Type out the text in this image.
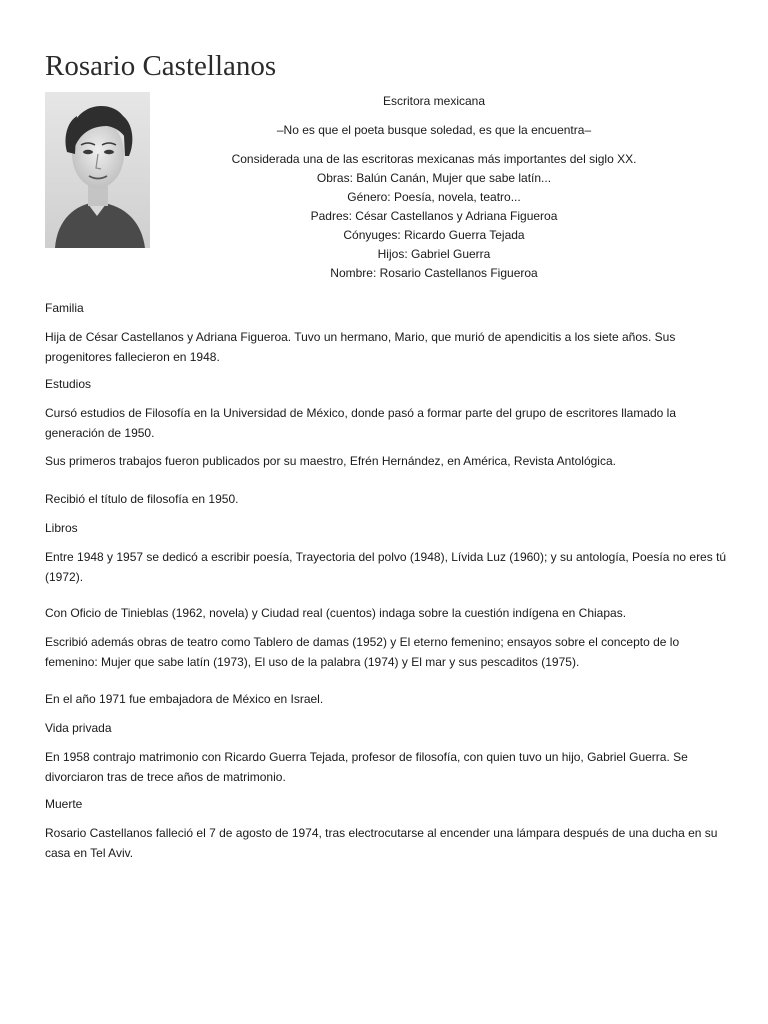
Rosario Castellanos
Escritora mexicana
–No es que el poeta busque soledad, es que la encuentra–
Considerada una de las escritoras mexicanas más importantes del siglo XX.
Obras: Balún Canán, Mujer que sabe latín...
Género: Poesía, novela, teatro...
Padres: César Castellanos y Adriana Figueroa
Cónyuges: Ricardo Guerra Tejada
Hijos: Gabriel Guerra
Nombre: Rosario Castellanos Figueroa
Familia
Hija de César Castellanos y Adriana Figueroa. Tuvo un hermano, Mario, que murió de apendicitis a los siete años. Sus progenitores fallecieron en 1948.
Estudios
Cursó estudios de Filosofía en la Universidad de México, donde pasó a formar parte del grupo de escritores llamado la generación de 1950.
Sus primeros trabajos fueron publicados por su maestro, Efrén Hernández, en América, Revista Antológica.
Recibió el título de filosofía en 1950.
Libros
Entre 1948 y 1957 se dedicó a escribir poesía, Trayectoria del polvo (1948), Lívida Luz (1960); y su antología, Poesía no eres tú (1972).
Con Oficio de Tinieblas (1962, novela) y Ciudad real (cuentos) indaga sobre la cuestión indígena en Chiapas.
Escribió además obras de teatro como Tablero de damas (1952) y El eterno femenino; ensayos sobre el concepto de lo femenino: Mujer que sabe latín (1973), El uso de la palabra (1974) y El mar y sus pescaditos (1975).
En el año 1971 fue embajadora de México en Israel.
Vida privada
En 1958 contrajo matrimonio con Ricardo Guerra Tejada, profesor de filosofía, con quien tuvo un hijo, Gabriel Guerra. Se divorciaron tras de trece años de matrimonio.
Muerte
Rosario Castellanos falleció el 7 de agosto de 1974, tras electrocutarse al encender una lámpara después de una ducha en su casa en Tel Aviv.
